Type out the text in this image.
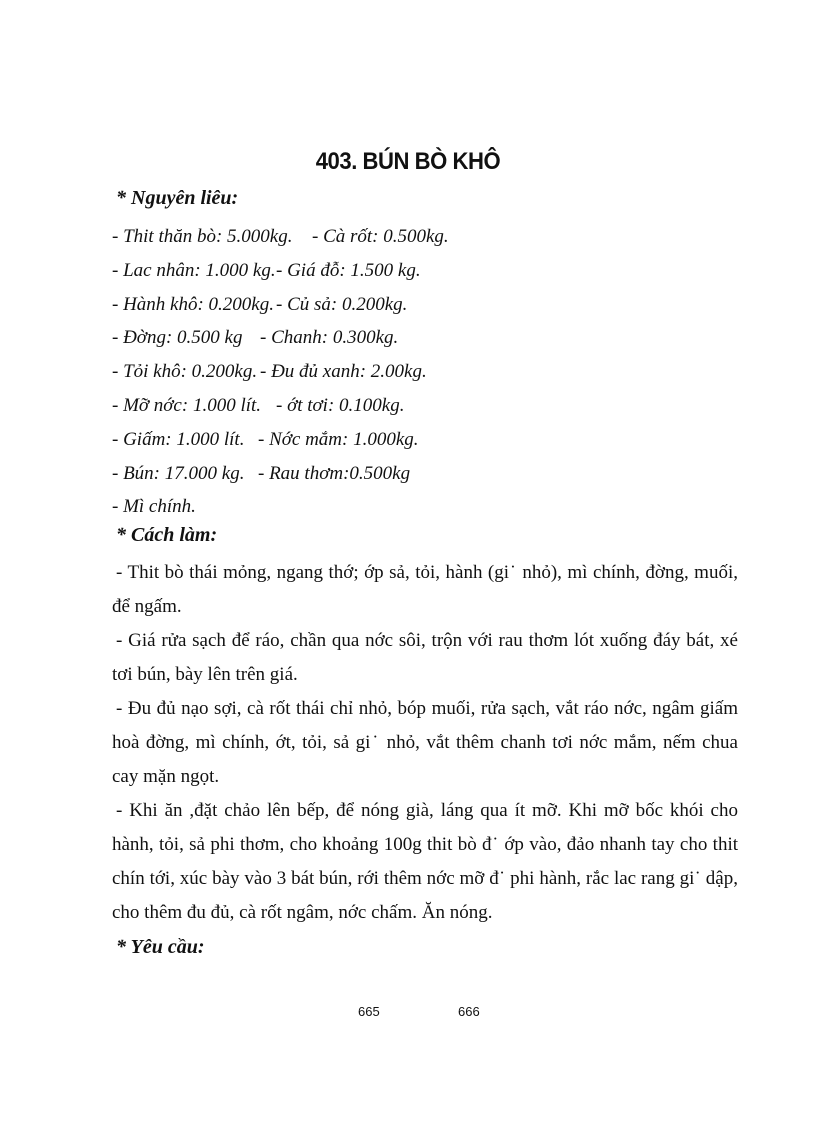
403. BÚN BÒ KHÔ
* Nguyên liêu:
- Thit thăn bò: 5.000kg. - Cà rốt: 0.500kg.
- Lac nhân: 1.000 kg.- Giá đỗ: 1.500 kg.
- Hành khô: 0.200kg. - Củ sả: 0.200kg.
- Đờng: 0.500 kg - Chanh: 0.300kg.
- Tỏi khô: 0.200kg. - Đu đủ xanh: 2.00kg.
- Mỡ nớc: 1.000 lít. - ớt tơi: 0.100kg.
- Giấm: 1.000 lít. - Nớc mắm: 1.000kg.
- Bún: 17.000 kg. - Rau thơm:0.500kg
- Mì chính.
* Cách làm:

- Thit bò thái mỏng, ngang thớ; ớp sả, tỏi, hành (gi˙ nhỏ), mì chính, đờng, muối, để ngấm.

- Giá rửa sạch để ráo, chần qua nớc sôi, trộn với rau thơm lót xuống đáy bát, xé tơi bún, bày lên trên giá.

- Đu đủ nạo sợi, cà rốt thái chỉ nhỏ, bóp muối, rửa sạch, vắt ráo nớc, ngâm giấm hoà đờng, mì chính, ớt, tỏi, sả gi˙ nhỏ, vắt thêm chanh tơi nớc mắm, nếm chua cay mặn ngọt.

- Khi ăn ,đặt chảo lên bếp, để nóng già, láng qua ít mỡ. Khi mỡ bốc khói cho hành, tỏi, sả phi thơm, cho khoảng 100g thit bò đ˙ ớp vào, đảo nhanh tay cho thit chín tới, xúc bày vào 3 bát bún, rới thêm nớc mỡ đ˙ phi hành, rắc lac rang gi˙ dập, cho thêm đu đủ, cà rốt ngâm, nớc chấm. Ăn nóng.

* Yêu cầu:
665	666
